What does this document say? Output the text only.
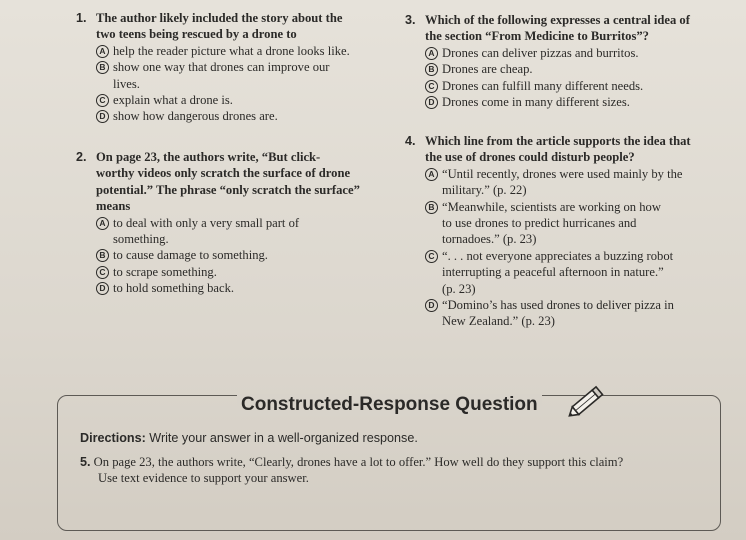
1. The author likely included the story about the
two teens being rescued by a drone to
A help the reader picture what a drone looks like.
B show one way that drones can improve our
lives.
C explain what a drone is.
D show how dangerous drones are.
2. On page 23, the authors write, “But click-
worthy videos only scratch the surface of drone
potential.” The phrase “only scratch the surface”
means
A to deal with only a very small part of
something.
B to cause damage to something.
C to scrape something.
D to hold something back.
3. Which of the following expresses a central idea of
the section “From Medicine to Burritos”?
A Drones can deliver pizzas and burritos.
B Drones are cheap.
C Drones can fulfill many different needs.
D Drones come in many different sizes.
4. Which line from the article supports the idea that
the use of drones could disturb people?
A “Until recently, drones were used mainly by the
military.” (p. 22)
B “Meanwhile, scientists are working on how
to use drones to predict hurricanes and
tornadoes.” (p. 23)
C “. . . not everyone appreciates a buzzing robot
interrupting a peaceful afternoon in nature.”
(p. 23)
D “Domino’s has used drones to deliver pizza in
New Zealand.” (p. 23)
Constructed-Response Question
Directions: Write your answer in a well-organized response.
5. On page 23, the authors write, “Clearly, drones have a lot to offer.” How well do they support this claim?
Use text evidence to support your answer.
